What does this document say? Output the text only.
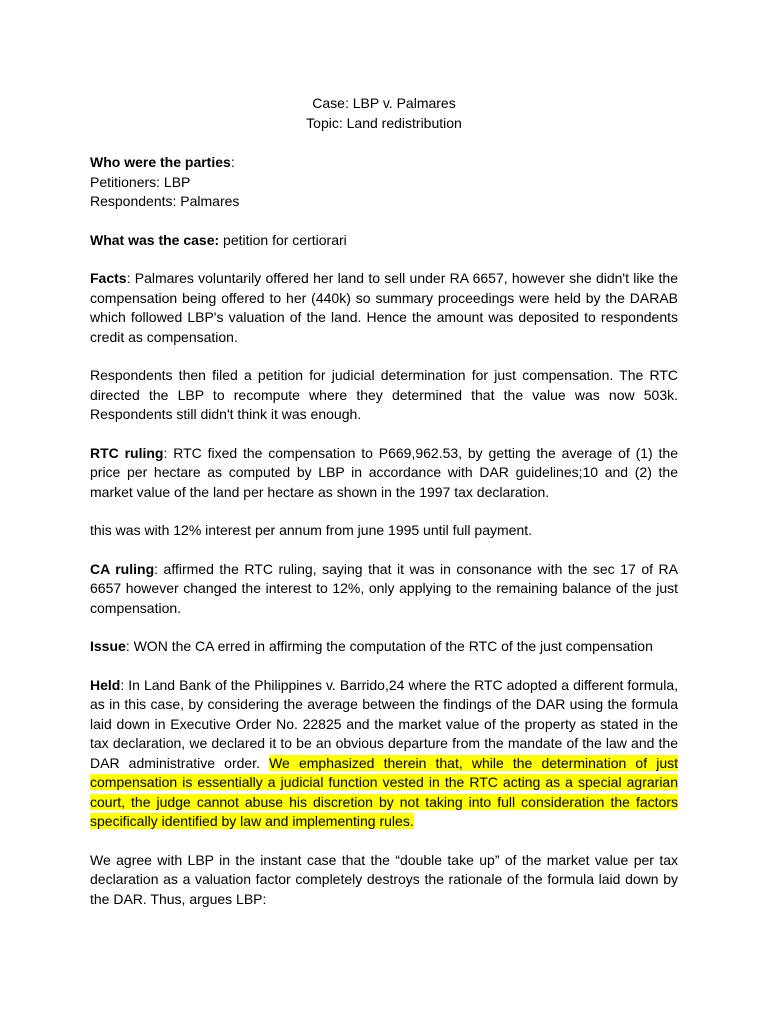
Case: LBP v. Palmares
Topic: Land redistribution

Who were the parties:

Petitioners: LBP

Respondents: Palmares

What was the case: petition for certiorari

Facts: Palmares voluntarily offered her land to sell under RA 6657, however she didn't like the compensation being offered to her (440k) so summary proceedings were held by the DARAB which followed LBP's valuation of the land. Hence the amount was deposited to respondents credit as compensation.

Respondents then filed a petition for judicial determination for just compensation. The RTC directed the LBP to recompute where they determined that the value was now 503k. Respondents still didn't think it was enough.

RTC ruling: RTC fixed the compensation to P669,962.53, by getting the average of (1) the price per hectare as computed by LBP in accordance with DAR guidelines;10 and (2) the market value of the land per hectare as shown in the 1997 tax declaration.

this was with 12% interest per annum from june 1995 until full payment.

CA ruling: affirmed the RTC ruling, saying that it was in consonance with the sec 17 of RA 6657 however changed the interest to 12%, only applying to the remaining balance of the just compensation.

Issue: WON the CA erred in affirming the computation of the RTC of the just compensation

Held: In Land Bank of the Philippines v. Barrido,24 where the RTC adopted a different formula, as in this case, by considering the average between the findings of the DAR using the formula laid down in Executive Order No. 22825 and the market value of the property as stated in the tax declaration, we declared it to be an obvious departure from the mandate of the law and the DAR administrative order. We emphasized therein that, while the determination of just compensation is essentially a judicial function vested in the RTC acting as a special agrarian court, the judge cannot abuse his discretion by not taking into full consideration the factors specifically identified by law and implementing rules.

We agree with LBP in the instant case that the “double take up” of the market value per tax declaration as a valuation factor completely destroys the rationale of the formula laid down by the DAR. Thus, argues LBP:
